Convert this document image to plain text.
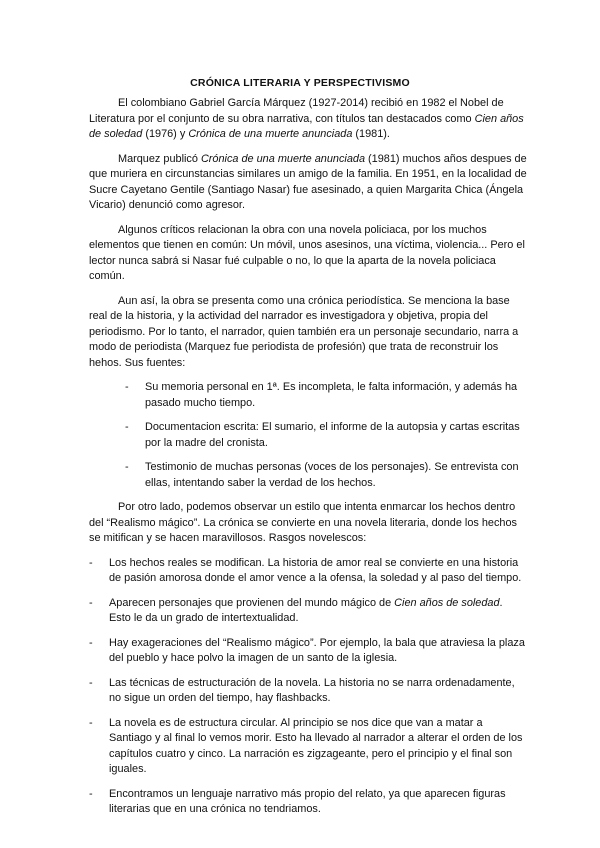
CRÓNICA LITERARIA Y PERSPECTIVISMO

El colombiano Gabriel García Márquez (1927-2014) recibió en 1982 el Nobel de Literatura por el conjunto de su obra narrativa, con títulos tan destacados como Cien años de soledad (1976) y Crónica de una muerte anunciada (1981).

Marquez publicó Crónica de una muerte anunciada (1981) muchos años despues de que muriera en circunstancias similares un amigo de la familia. En 1951, en la localidad de Sucre Cayetano Gentile (Santiago Nasar) fue asesinado, a quien Margarita Chica (Ángela Vicario) denunció como agresor.

Algunos críticos relacionan la obra con una novela policiaca, por los muchos elementos que tienen en común: Un móvil, unos asesinos, una víctima, violencia... Pero el lector nunca sabrá si Nasar fué culpable o no, lo que la aparta de la novela policiaca común.

Aun así, la obra se presenta como una crónica periodística. Se menciona la base real de la historia, y la actividad del narrador es investigadora y objetiva, propia del periodismo. Por lo tanto, el narrador, quien también era un personaje secundario, narra a modo de periodista (Marquez fue periodista de profesión) que trata de reconstruir los hehos. Sus fuentes:

- Su memoria personal en 1ª. Es incompleta, le falta información, y además ha pasado mucho tiempo.
- Documentacion escrita: El sumario, el informe de la autopsia y cartas escritas por la madre del cronista.
- Testimonio de muchas personas (voces de los personajes). Se entrevista con ellas, intentando saber la verdad de los hechos.

Por otro lado, podemos observar un estilo que intenta enmarcar los hechos dentro del “Realismo mágico”. La crónica se convierte en una novela literaria, donde los hechos se mitifican y se hacen maravillosos. Rasgos novelescos:

- Los hechos reales se modifican. La historia de amor real se convierte en una historia de pasión amorosa donde el amor vence a la ofensa, la soledad y al paso del tiempo.
- Aparecen personajes que provienen del mundo mágico de Cien años de soledad. Esto le da un grado de intertextualidad.
- Hay exageraciones del “Realismo mágico”. Por ejemplo, la bala que atraviesa la plaza del pueblo y hace polvo la imagen de un santo de la iglesia.
- Las técnicas de estructuración de la novela. La historia no se narra ordenadamente, no sigue un orden del tiempo, hay flashbacks.
- La novela es de estructura circular. Al principio se nos dice que van a matar a Santiago y al final lo vemos morir. Esto ha llevado al narrador a alterar el orden de los capítulos cuatro y cinco. La narración es zigzageante, pero el principio y el final son iguales.
- Encontramos un lenguaje narrativo más propio del relato, ya que aparecen figuras literarias que en una crónica no tendriamos.
